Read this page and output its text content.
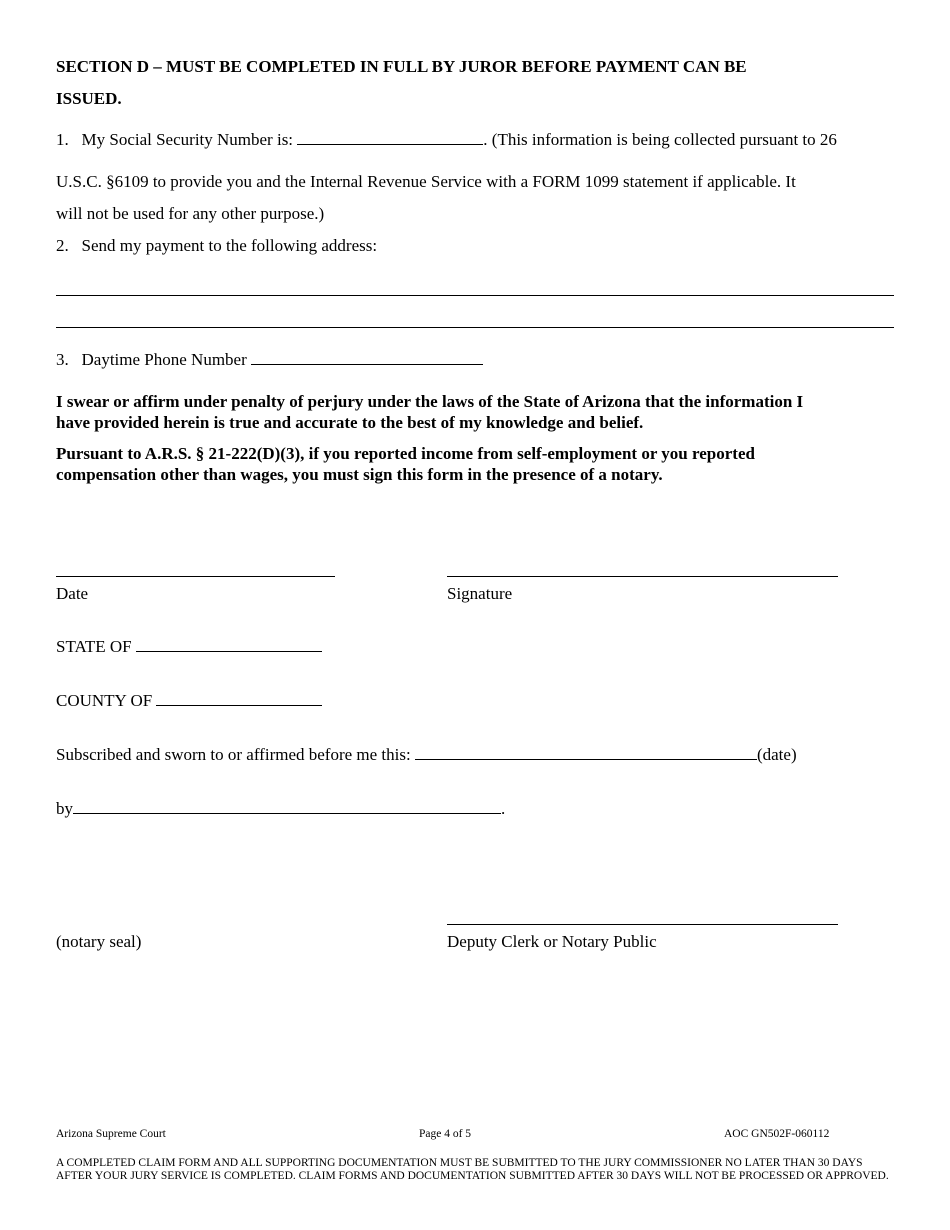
SECTION D – MUST BE COMPLETED IN FULL BY JUROR BEFORE PAYMENT CAN BE
ISSUED.
1. My Social Security Number is:	. (This information is being collected pursuant to 26
U.S.C. §6109 to provide you and the Internal Revenue Service with a FORM 1099 statement if applicable. It
will not be used for any other purpose.)
2. Send my payment to the following address:
3. Daytime Phone Number
I swear or affirm under penalty of perjury under the laws of the State of Arizona that the information I
have provided herein is true and accurate to the best of my knowledge and belief.
Pursuant to A.R.S. § 21-222(D)(3), if you reported income from self-employment or you reported
compensation other than wages, you must sign this form in the presence of a notary.
Date	Signature
STATE OF
COUNTY OF
Subscribed and sworn to or affirmed before me this:	(date)
by	.
(notary seal)	Deputy Clerk or Notary Public
Arizona Supreme Court	Page 4 of 5	AOC GN502F-060112
A COMPLETED CLAIM FORM AND ALL SUPPORTING DOCUMENTATION MUST BE SUBMITTED TO THE JURY COMMISSIONER NO LATER THAN 30 DAYS AFTER YOUR JURY SERVICE IS COMPLETED. CLAIM FORMS AND DOCUMENTATION SUBMITTED AFTER 30 DAYS WILL NOT BE PROCESSED OR APPROVED.
